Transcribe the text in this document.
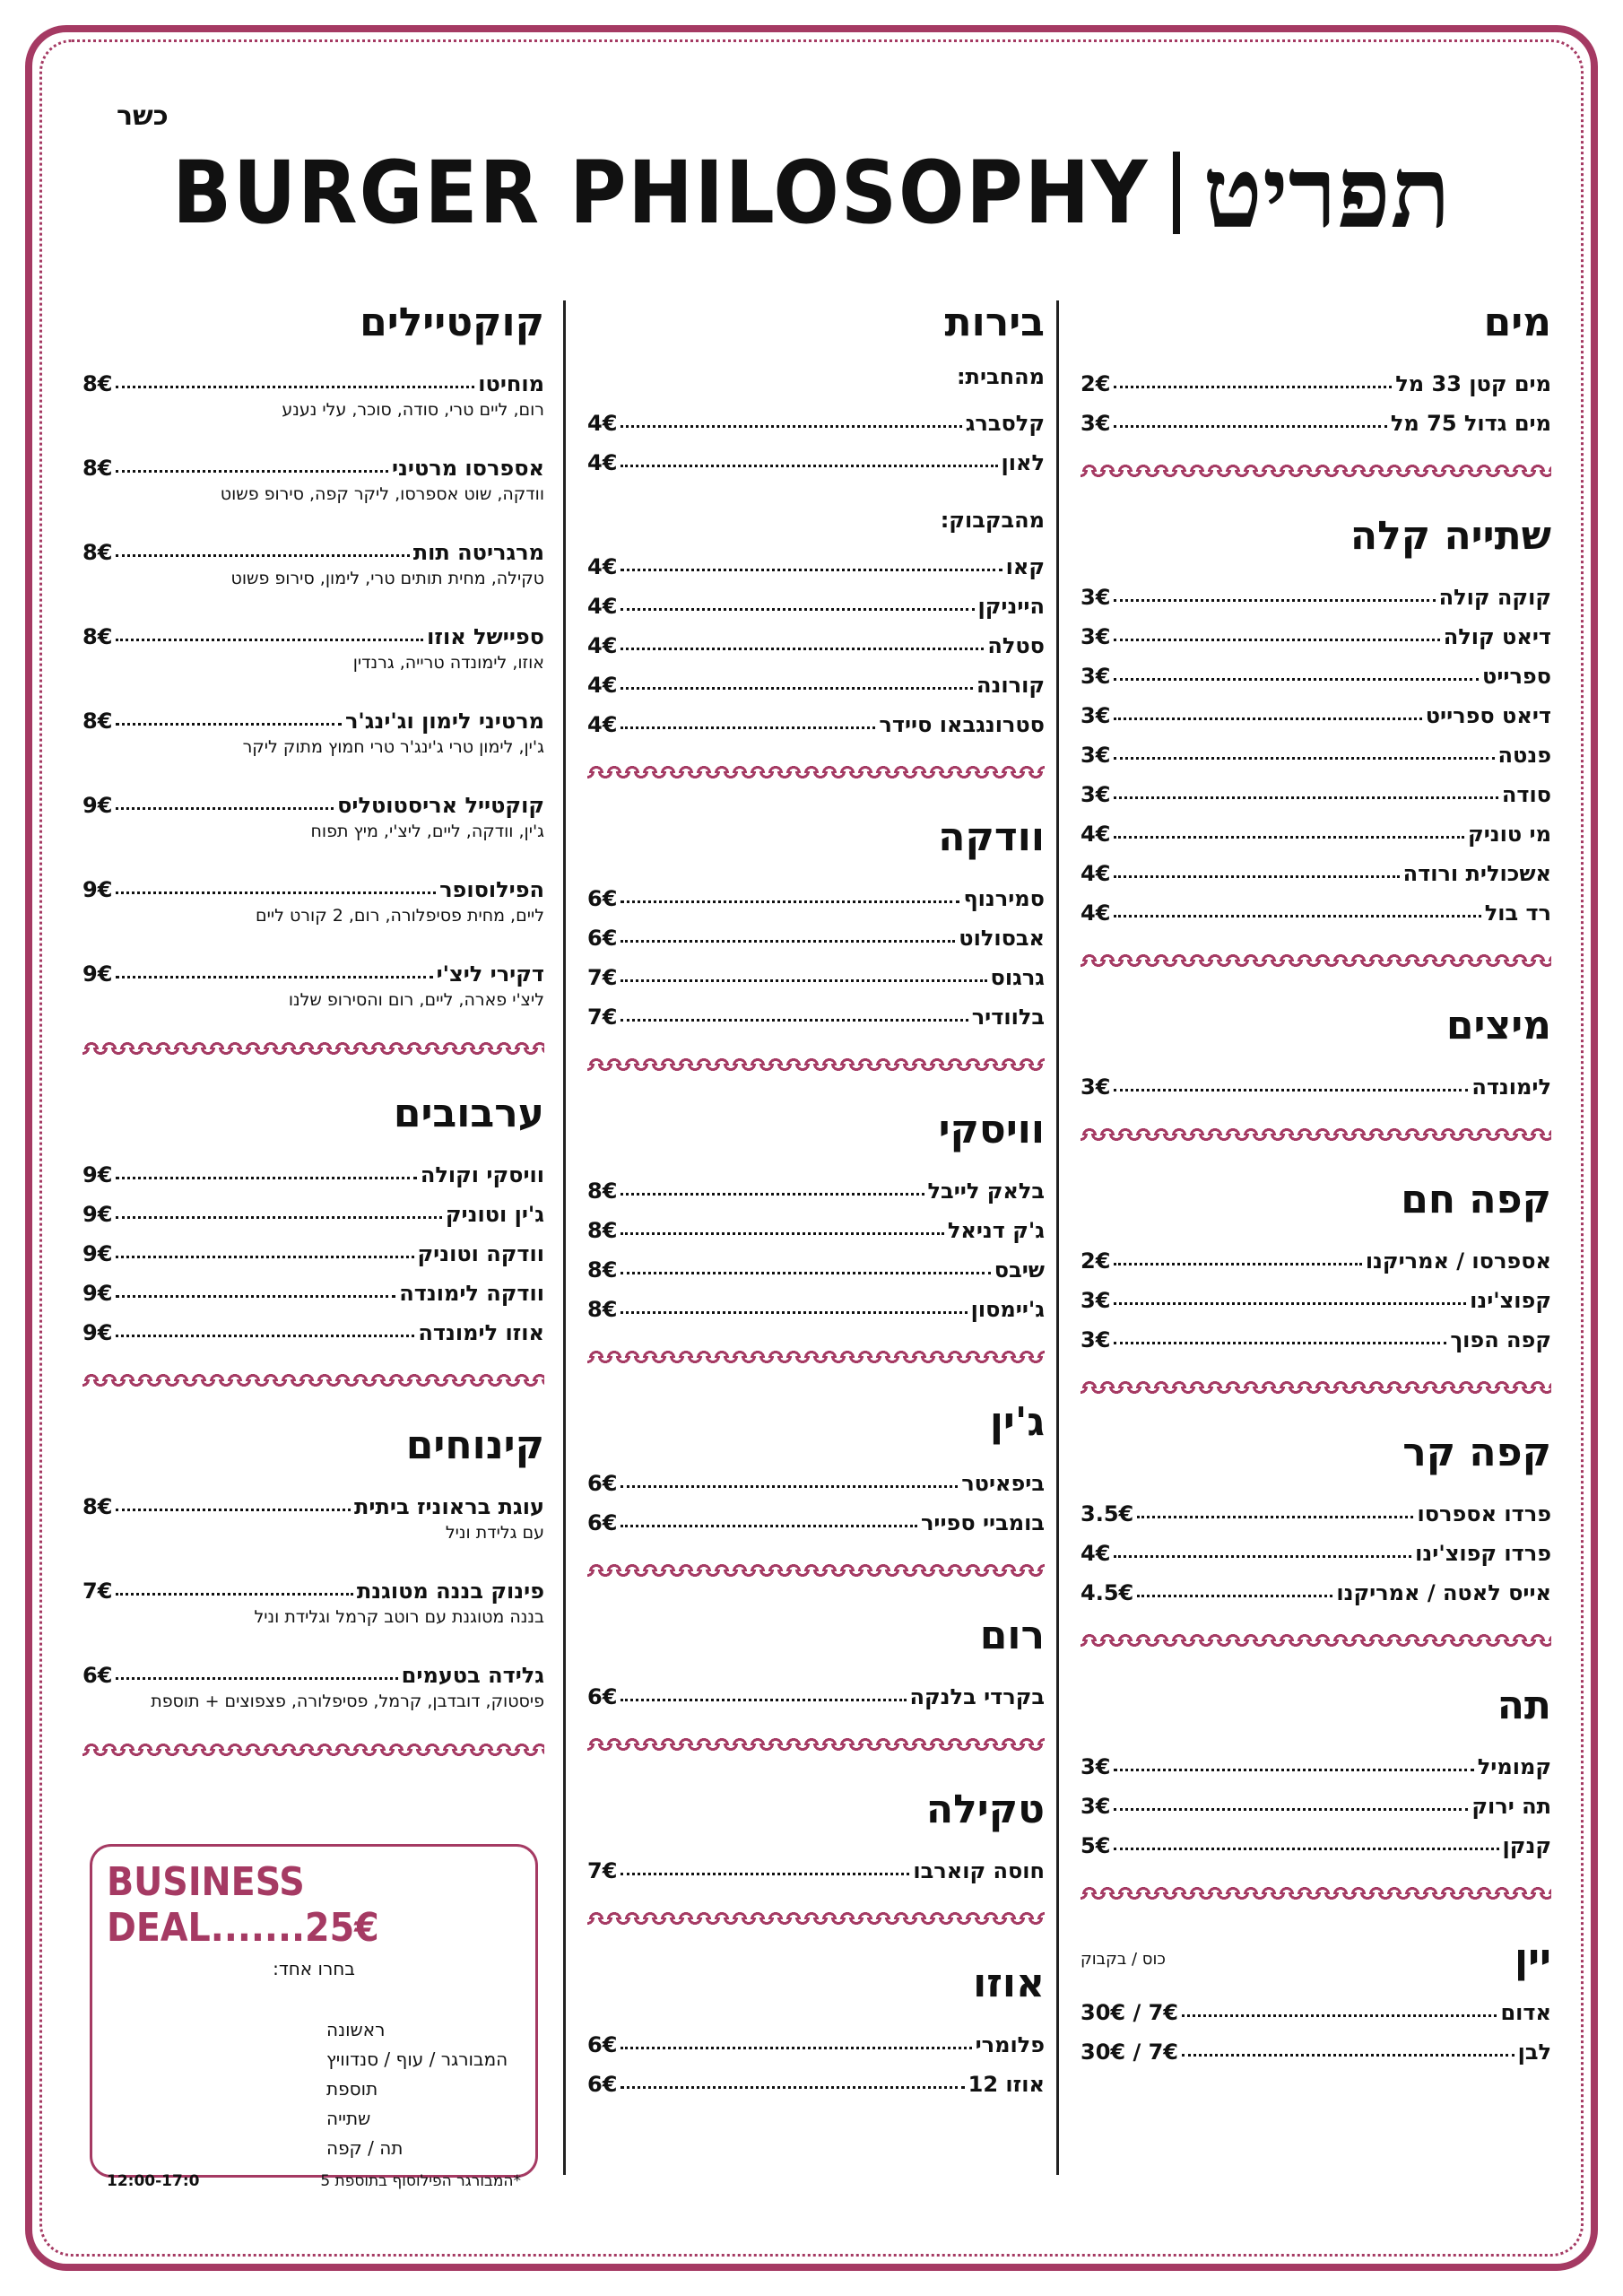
כשר
BURGER PHILOSOPHY תפריט
מים
מים קטן 33 מל
2€
מים גדול 75 מל
3€
שתייה קלה
קוקה קולה
3€
דיאט קולה
3€
ספרייט
3€
דיאט ספרייט
3€
פנטה
3€
סודה
3€
מי טוניק
4€
אשכולית ורודה
4€
רד בול
4€
מיצים
לימונדה
3€
קפה חם
אספרסו / אמריקנו
2€
קפוצ'ינו
3€
קפה הפוך
3€
קפה קר
פרדו אספרסו
3.5€
פרדו קפוצ'ינו
4€
אייס לאטה / אמריקנו
4.5€
תה
קמומיל
3€
תה ירוק
3€
קנקן
5€
יין
כוס / בקבוק
אדום
30€ / 7€
לבן
30€ / 7€
בירות
מהחבית:
קלסברג
4€
לאון
4€
מהבקבוק:
קאו
4€
הייניקן
4€
סטלה
4€
קורונה
4€
סטרונגבאו סיידר
4€
וודקה
סמירנוף
6€
אבסולוט
6€
גרגוס
7€
בלוודיר
7€
וויסקי
בלאק לייבל
8€
ג'ק דניאל
8€
שיבס
8€
ג'יימסון
8€
ג'ין
ביפאיטר
6€
בומביי ספייר
6€
רום
בקרדי בלנקה
6€
טקילה
חוסה קוארבו
7€
אוזו
פלומרי
6€
אוזו 12
6€
קוקטיילים
מוחיטו
8€
רום, ליים טרי, סודה, סוכר, עלי נענע
אספרסו מרטיני
8€
וודקה, שוט אספרסו, ליקר קפה, סירופ פשוט
מרגריטה תות
8€
טקילה, מחית תותים טרי, לימון, סירופ פשוט
ספיישל אוזו
8€
אוזו, לימונדה טרייה, גרנדין
מרטיני לימון וג'ינג'ר
8€
ג'ין, לימון טרי ג'ינג'ר טרי חמוץ מתוק ליקר
קוקטייל אריסטוטליס
9€
ג'ין, וודקה, ליים, ליצ'י, מיץ תפוח
הפילוסופר
9€
ליים, מחית פסיפלורה, רום, 2 קורט ליים
דקירי ליצ'י
9€
ליצ'י פארה, ליים, רום והסירופ שלנו
ערבובים
וויסקי וקולה
9€
ג'ין וטוניק
9€
וודקה וטוניק
9€
וודקה לימונדה
9€
אוזו לימונדה
9€
קינוחים
עוגת בראוניז ביתית
8€
עם גלידת וניל
פינוק בננה מטוגנת
7€
בננה מטוגנת עם רוטב קרמל וגלידת וניל
גלידה בטעמים
6€
פיסטוק, דובדבן, קרמל, פסיפלורה, פצפוצים + תוספת
BUSINESS DEAL.......25€
בחרו אחד:
ראשונה
המבורגר / עוף / סנדוויץ
תוספת
שתייה
תה / קפה
12:00-17:0	*המבורגר הפילוסוף בתוספת 5
